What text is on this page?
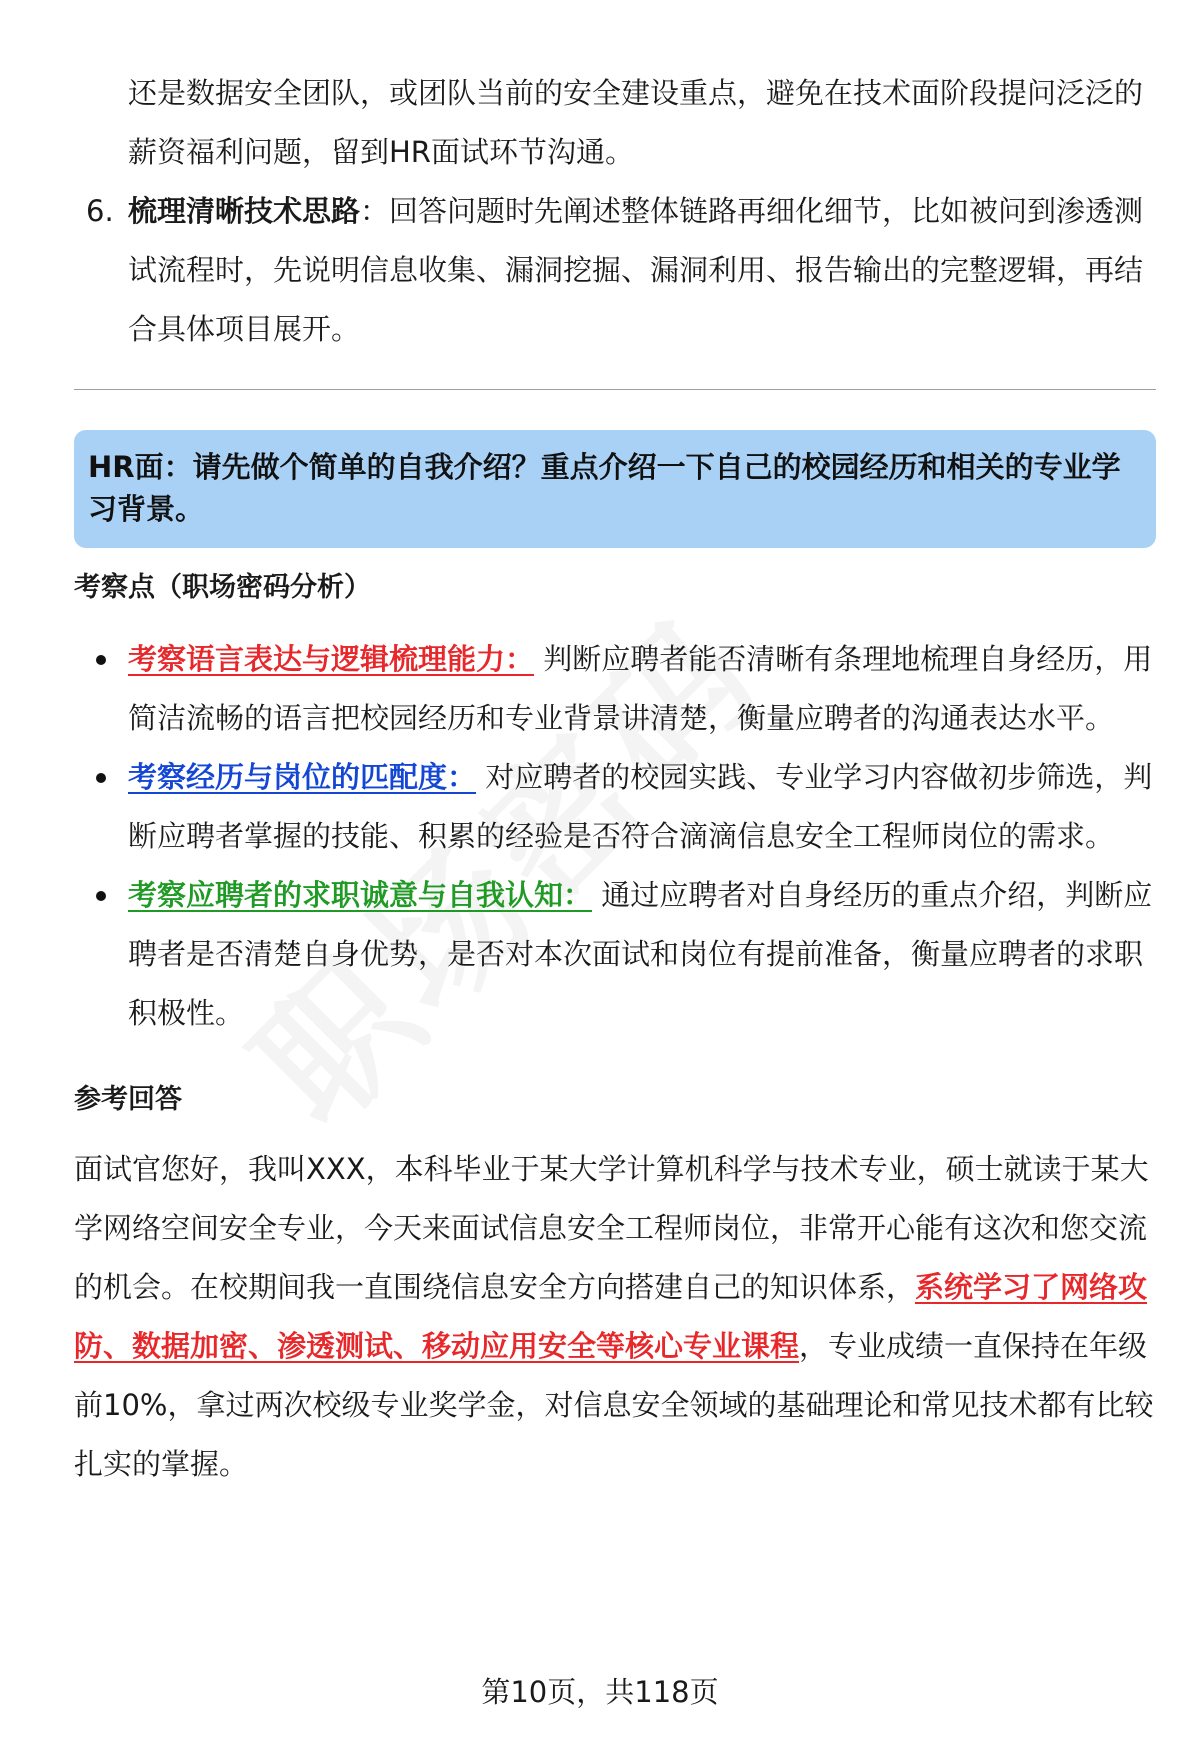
还是数据安全团队，或团队当前的安全建设重点，避免在技术面阶段提问泛泛的薪资福利问题，留到HR面试环节沟通。

6. 梳理清晰技术思路：回答问题时先阐述整体链路再细化细节，比如被问到渗透测试流程时，先说明信息收集、漏洞挖掘、漏洞利用、报告输出的完整逻辑，再结合具体项目展开。
HR面：请先做个简单的自我介绍？重点介绍一下自己的校园经历和相关的专业学习背景。
考察点（职场密码分析）
考察语言表达与逻辑梳理能力： 判断应聘者能否清晰有条理地梳理自身经历，用简洁流畅的语言把校园经历和专业背景讲清楚，衡量应聘者的沟通表达水平。
考察经历与岗位的匹配度： 对应聘者的校园实践、专业学习内容做初步筛选，判断应聘者掌握的技能、积累的经验是否符合滴滴信息安全工程师岗位的需求。
考察应聘者的求职诚意与自我认知： 通过应聘者对自身经历的重点介绍，判断应聘者是否清楚自身优势，是否对本次面试和岗位有提前准备，衡量应聘者的求职积极性。
参考回答

面试官您好，我叫XXX，本科毕业于某大学计算机科学与技术专业，硕士就读于某大学网络空间安全专业，今天来面试信息安全工程师岗位，非常开心能有这次和您交流的机会。在校期间我一直围绕信息安全方向搭建自己的知识体系，系统学习了网络攻防、数据加密、渗透测试、移动应用安全等核心专业课程，专业成绩一直保持在年级前10%，拿过两次校级专业奖学金，对信息安全领域的基础理论和常见技术都有比较扎实的掌握。

第10页，共118页
